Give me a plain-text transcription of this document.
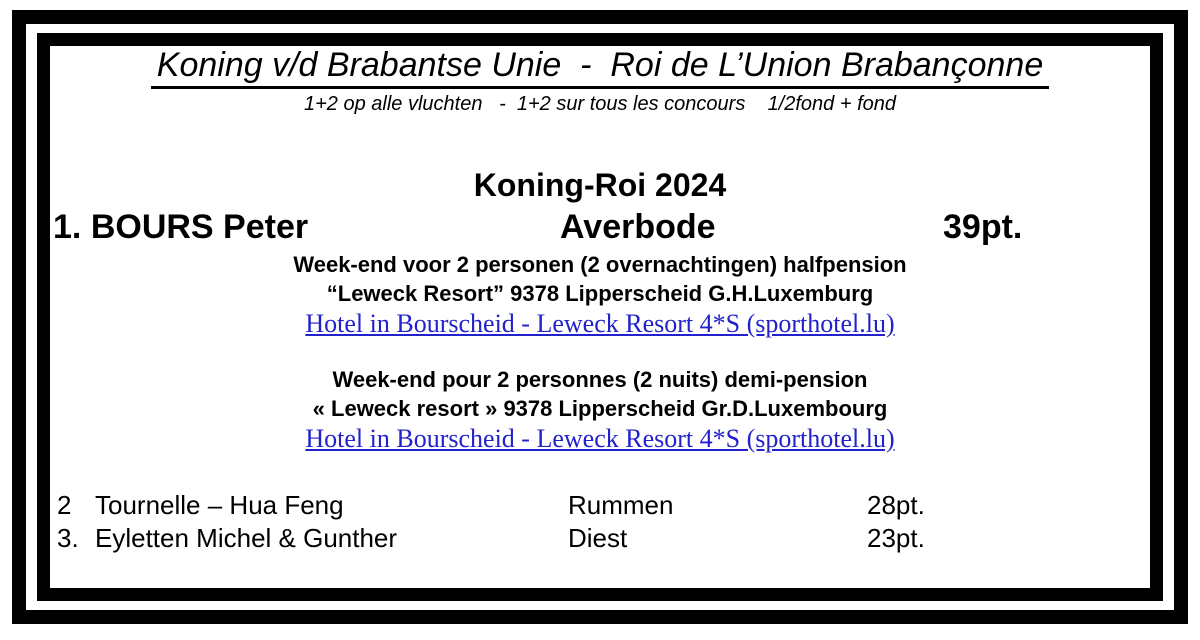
Koning v/d Brabantse Unie  -  Roi de L’Union Brabançonne
1+2 op alle vluchten   -  1+2 sur tous les concours    1/2fond + fond
Koning-Roi 2024
1. BOURS Peter	Averbode	39pt.
Week-end voor 2 personen (2 overnachtingen) halfpension
“Leweck Resort” 9378 Lipperscheid G.H.Luxemburg
Hotel in Bourscheid - Leweck Resort 4*S (sporthotel.lu)
Week-end pour 2 personnes (2 nuits) demi-pension
« Leweck resort » 9378 Lipperscheid Gr.D.Luxembourg
Hotel in Bourscheid - Leweck Resort 4*S (sporthotel.lu)
2 Tournelle – Hua Feng	Rummen	28pt.
3. Eyletten Michel & Gunther	Diest	23pt.
